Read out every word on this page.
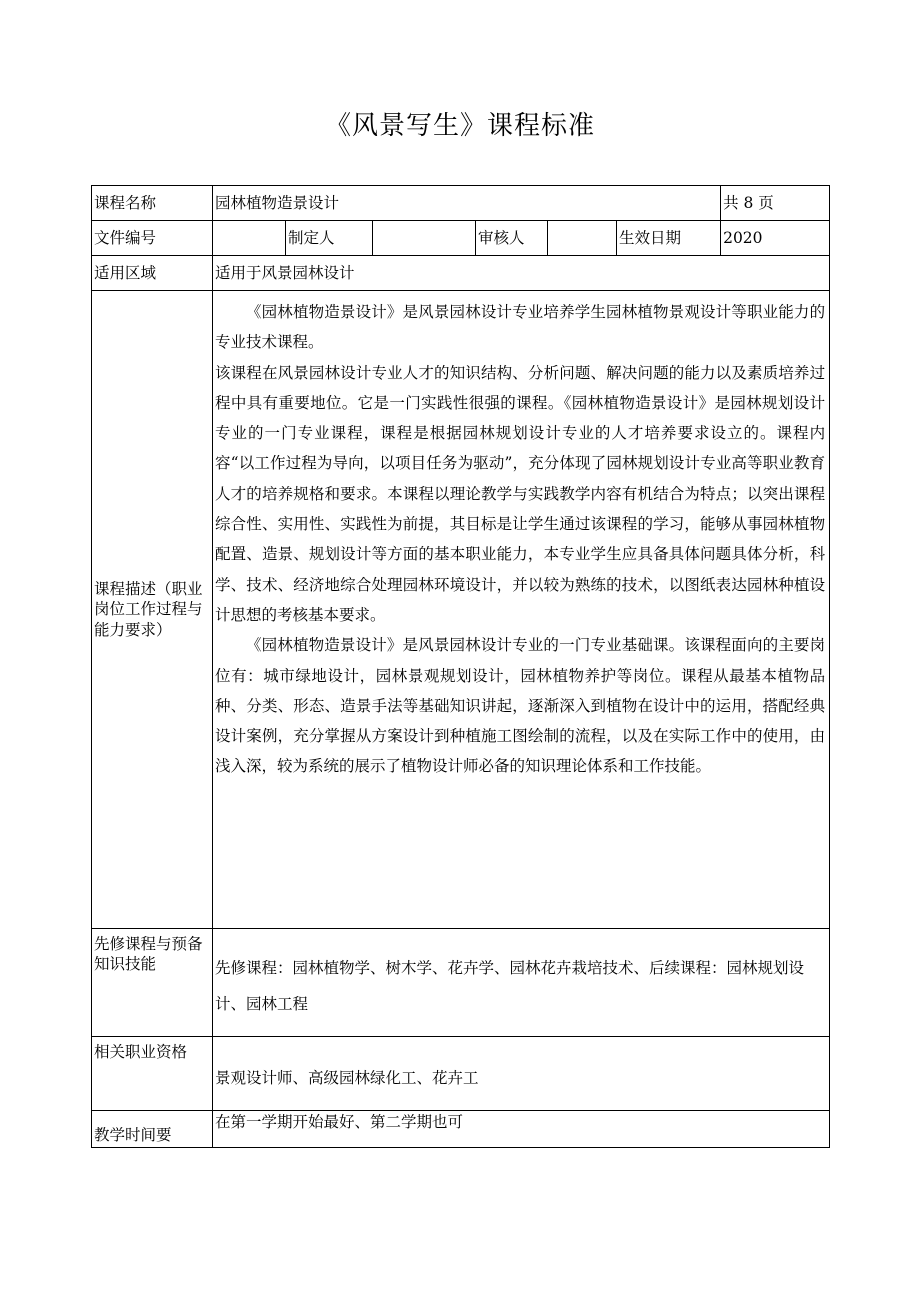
《风景写生》课程标准
课程名称	园林植物造景设计						共 8 页
文件编号		制定人		审核人		生效日期	2020
适用区域	适用于风景园林设计						
课程描述（职业岗位工作过程与能力要求）	《园林植物造景设计》是风景园林设计专业培养学生园林植物景观设计等职业能力的专业技术课程。

该课程在风景园林设计专业人才的知识结构、分析问题、解决问题的能力以及素质培养过程中具有重要地位。它是一门实践性很强的课程。《园林植物造景设计》是园林规划设计专业的一门专业课程，课程是根据园林规划设计专业的人才培养要求设立的。课程内容“以工作过程为导向，以项目任务为驱动”，充分体现了园林规划设计专业高等职业教育人才的培养规格和要求。本课程以理论教学与实践教学内容有机结合为特点；以突出课程综合性、实用性、实践性为前提，其目标是让学生通过该课程的学习，能够从事园林植物配置、造景、规划设计等方面的基本职业能力，本专业学生应具备具体问题具体分析，科学、技术、经济地综合处理园林环境设计，并以较为熟练的技术，以图纸表达园林种植设计思想的考核基本要求。

《园林植物造景设计》是风景园林设计专业的一门专业基础课。该课程面向的主要岗位有：城市绿地设计，园林景观规划设计，园林植物养护等岗位。课程从最基本植物品种、分类、形态、造景手法等基础知识讲起，逐渐深入到植物在设计中的运用，搭配经典设计案例，充分掌握从方案设计到种植施工图绘制的流程，以及在实际工作中的使用，由浅入深，较为系统的展示了植物设计师必备的知识理论体系和工作技能。						

先修课程与预备知识技能	先修课程：园林植物学、树木学、花卉学、园林花卉栽培技术、后续课程：园林规划设计、园林工程						
相关职业资格	景观设计师、高级园林绿化工、花卉工						
教学时间要	在第一学期开始最好、第二学期也可						
